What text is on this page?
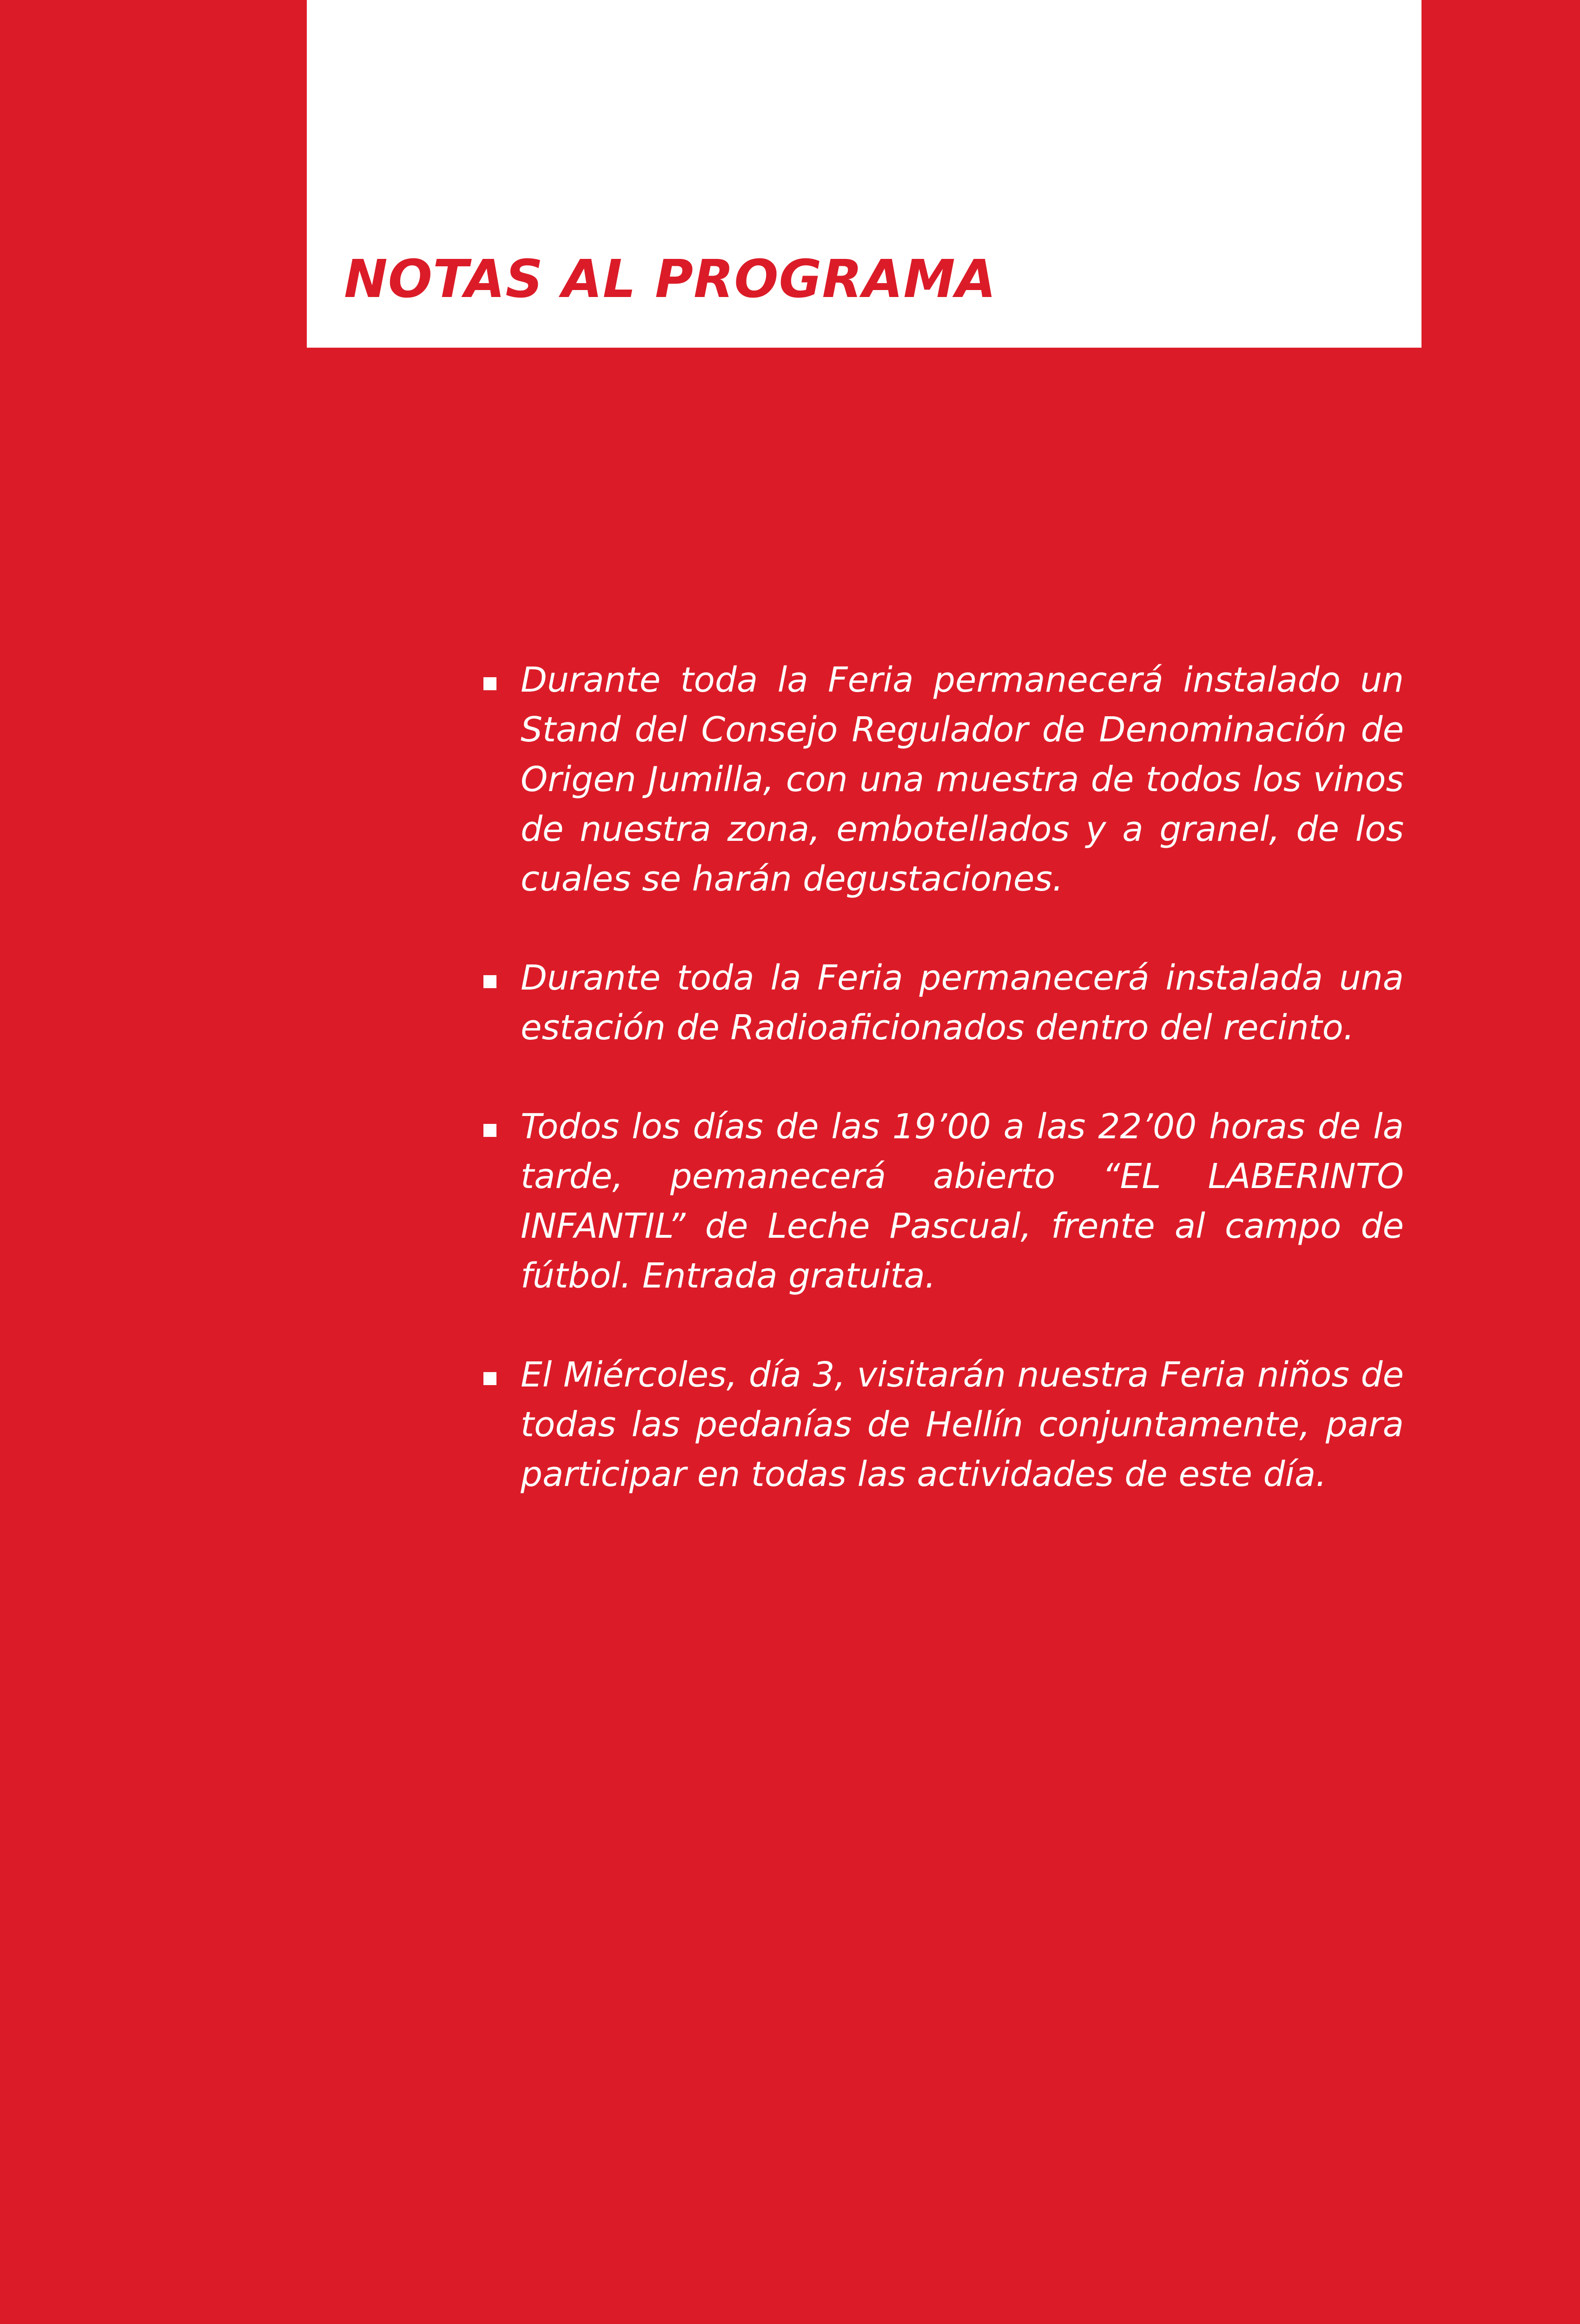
NOTAS AL PROGRAMA
Durante toda la Feria permanecerá instalado un Stand del Consejo Regulador de Denominación de Origen Jumilla, con una muestra de todos los vinos de nuestra zona, embotellados y a granel, de los cuales se harán degustaciones.
Durante toda la Feria permanecerá instalada una estación de Radioaficionados dentro del recinto.
Todos los días de las 19’00 a las 22’00 horas de la tarde, pemanecerá abierto “EL LABERINTO INFANTIL” de Leche Pascual, frente al campo de fútbol. Entrada gratuita.
El Miércoles, día 3, visitarán nuestra Feria niños de todas las pedanías de Hellín conjuntamente, para participar en todas las actividades de este día.
